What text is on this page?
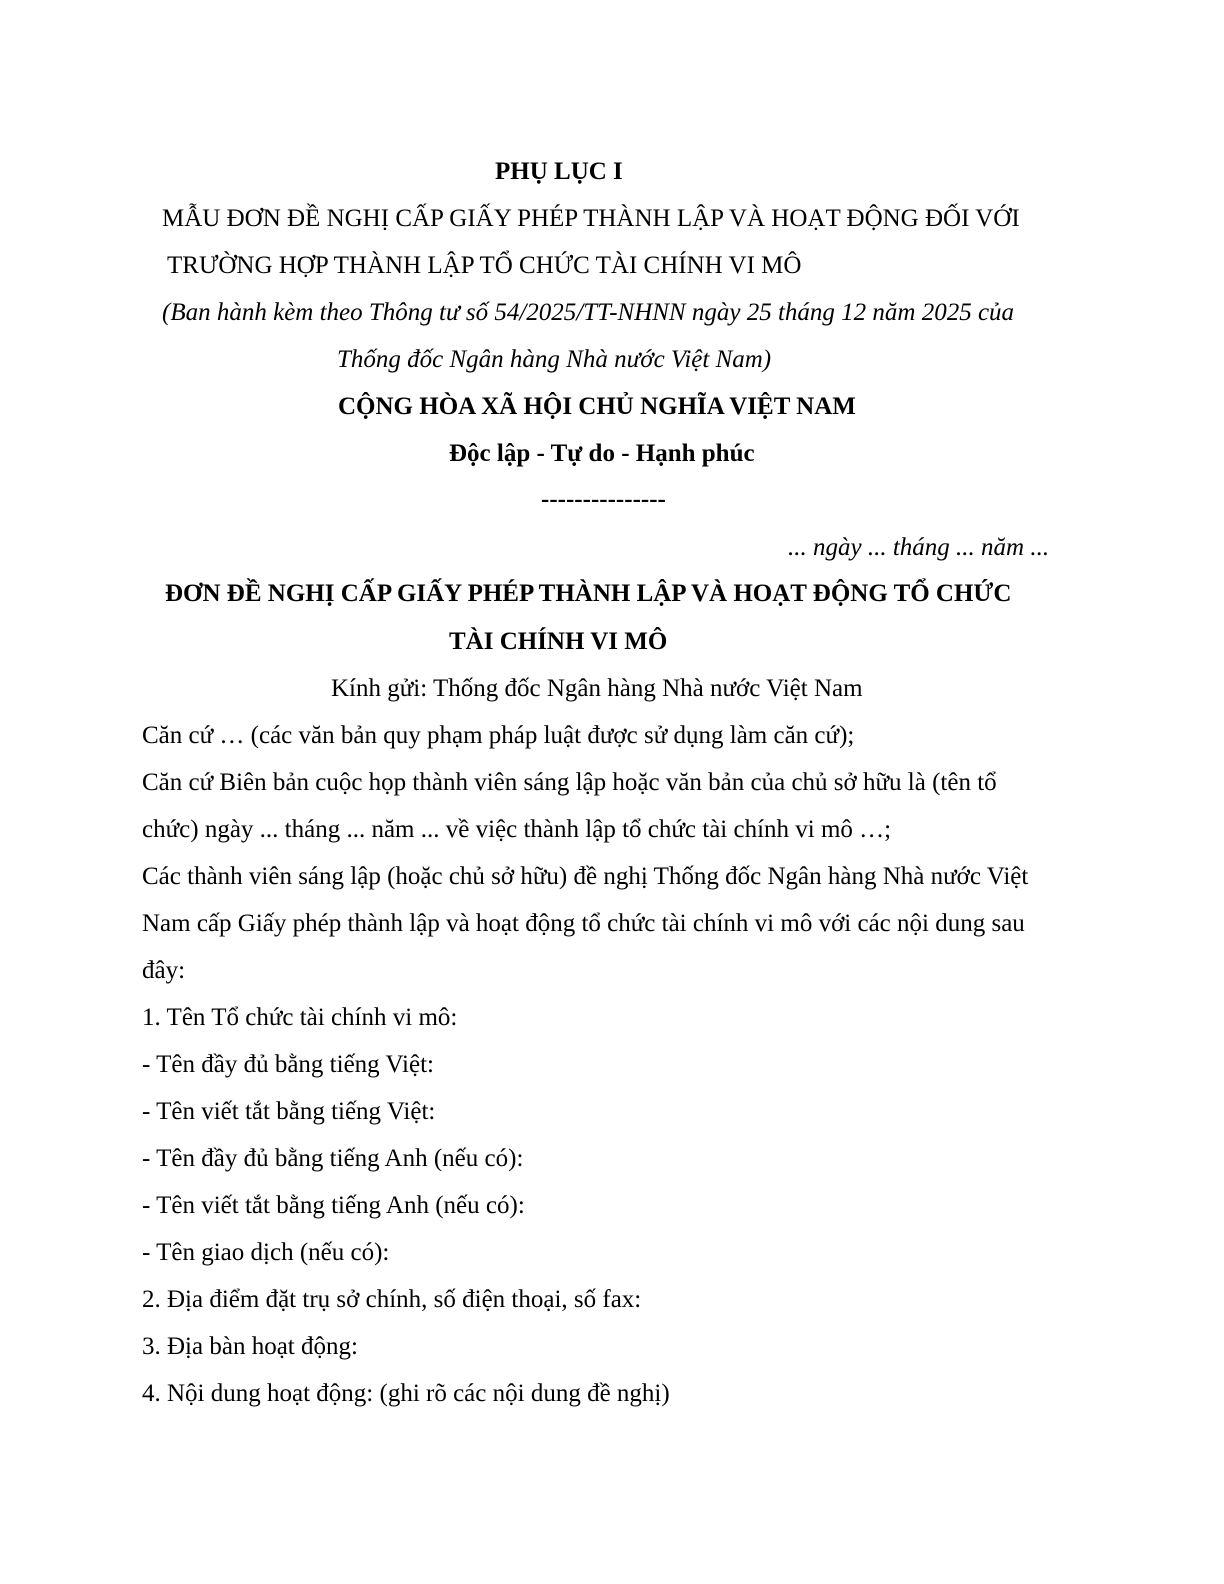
PHỤ LỤC I
MẪU ĐƠN ĐỀ NGHỊ CẤP GIẤY PHÉP THÀNH LẬP VÀ HOẠT ĐỘNG ĐỐI VỚI
TRƯỜNG HỢP THÀNH LẬP TỔ CHỨC TÀI CHÍNH VI MÔ
(Ban hành kèm theo Thông tư số 54/2025/TT-NHNN ngày 25 tháng 12 năm 2025 của
Thống đốc Ngân hàng Nhà nước Việt Nam)
CỘNG HÒA XÃ HỘI CHỦ NGHĨA VIỆT NAM
Độc lập - Tự do - Hạnh phúc
---------------
... ngày ... tháng ... năm ...
ĐƠN ĐỀ NGHỊ CẤP GIẤY PHÉP THÀNH LẬP VÀ HOẠT ĐỘNG TỔ CHỨC
TÀI CHÍNH VI MÔ
Kính gửi: Thống đốc Ngân hàng Nhà nước Việt Nam
Căn cứ … (các văn bản quy phạm pháp luật được sử dụng làm căn cứ);
Căn cứ Biên bản cuộc họp thành viên sáng lập hoặc văn bản của chủ sở hữu là (tên tổ
chức) ngày ... tháng ... năm ... về việc thành lập tổ chức tài chính vi mô …;
Các thành viên sáng lập (hoặc chủ sở hữu) đề nghị Thống đốc Ngân hàng Nhà nước Việt
Nam cấp Giấy phép thành lập và hoạt động tổ chức tài chính vi mô với các nội dung sau
đây:
1. Tên Tổ chức tài chính vi mô:
- Tên đầy đủ bằng tiếng Việt:
- Tên viết tắt bằng tiếng Việt:
- Tên đầy đủ bằng tiếng Anh (nếu có):
- Tên viết tắt bằng tiếng Anh (nếu có):
- Tên giao dịch (nếu có):
2. Địa điểm đặt trụ sở chính, số điện thoại, số fax:
3. Địa bàn hoạt động:
4. Nội dung hoạt động: (ghi rõ các nội dung đề nghị)
